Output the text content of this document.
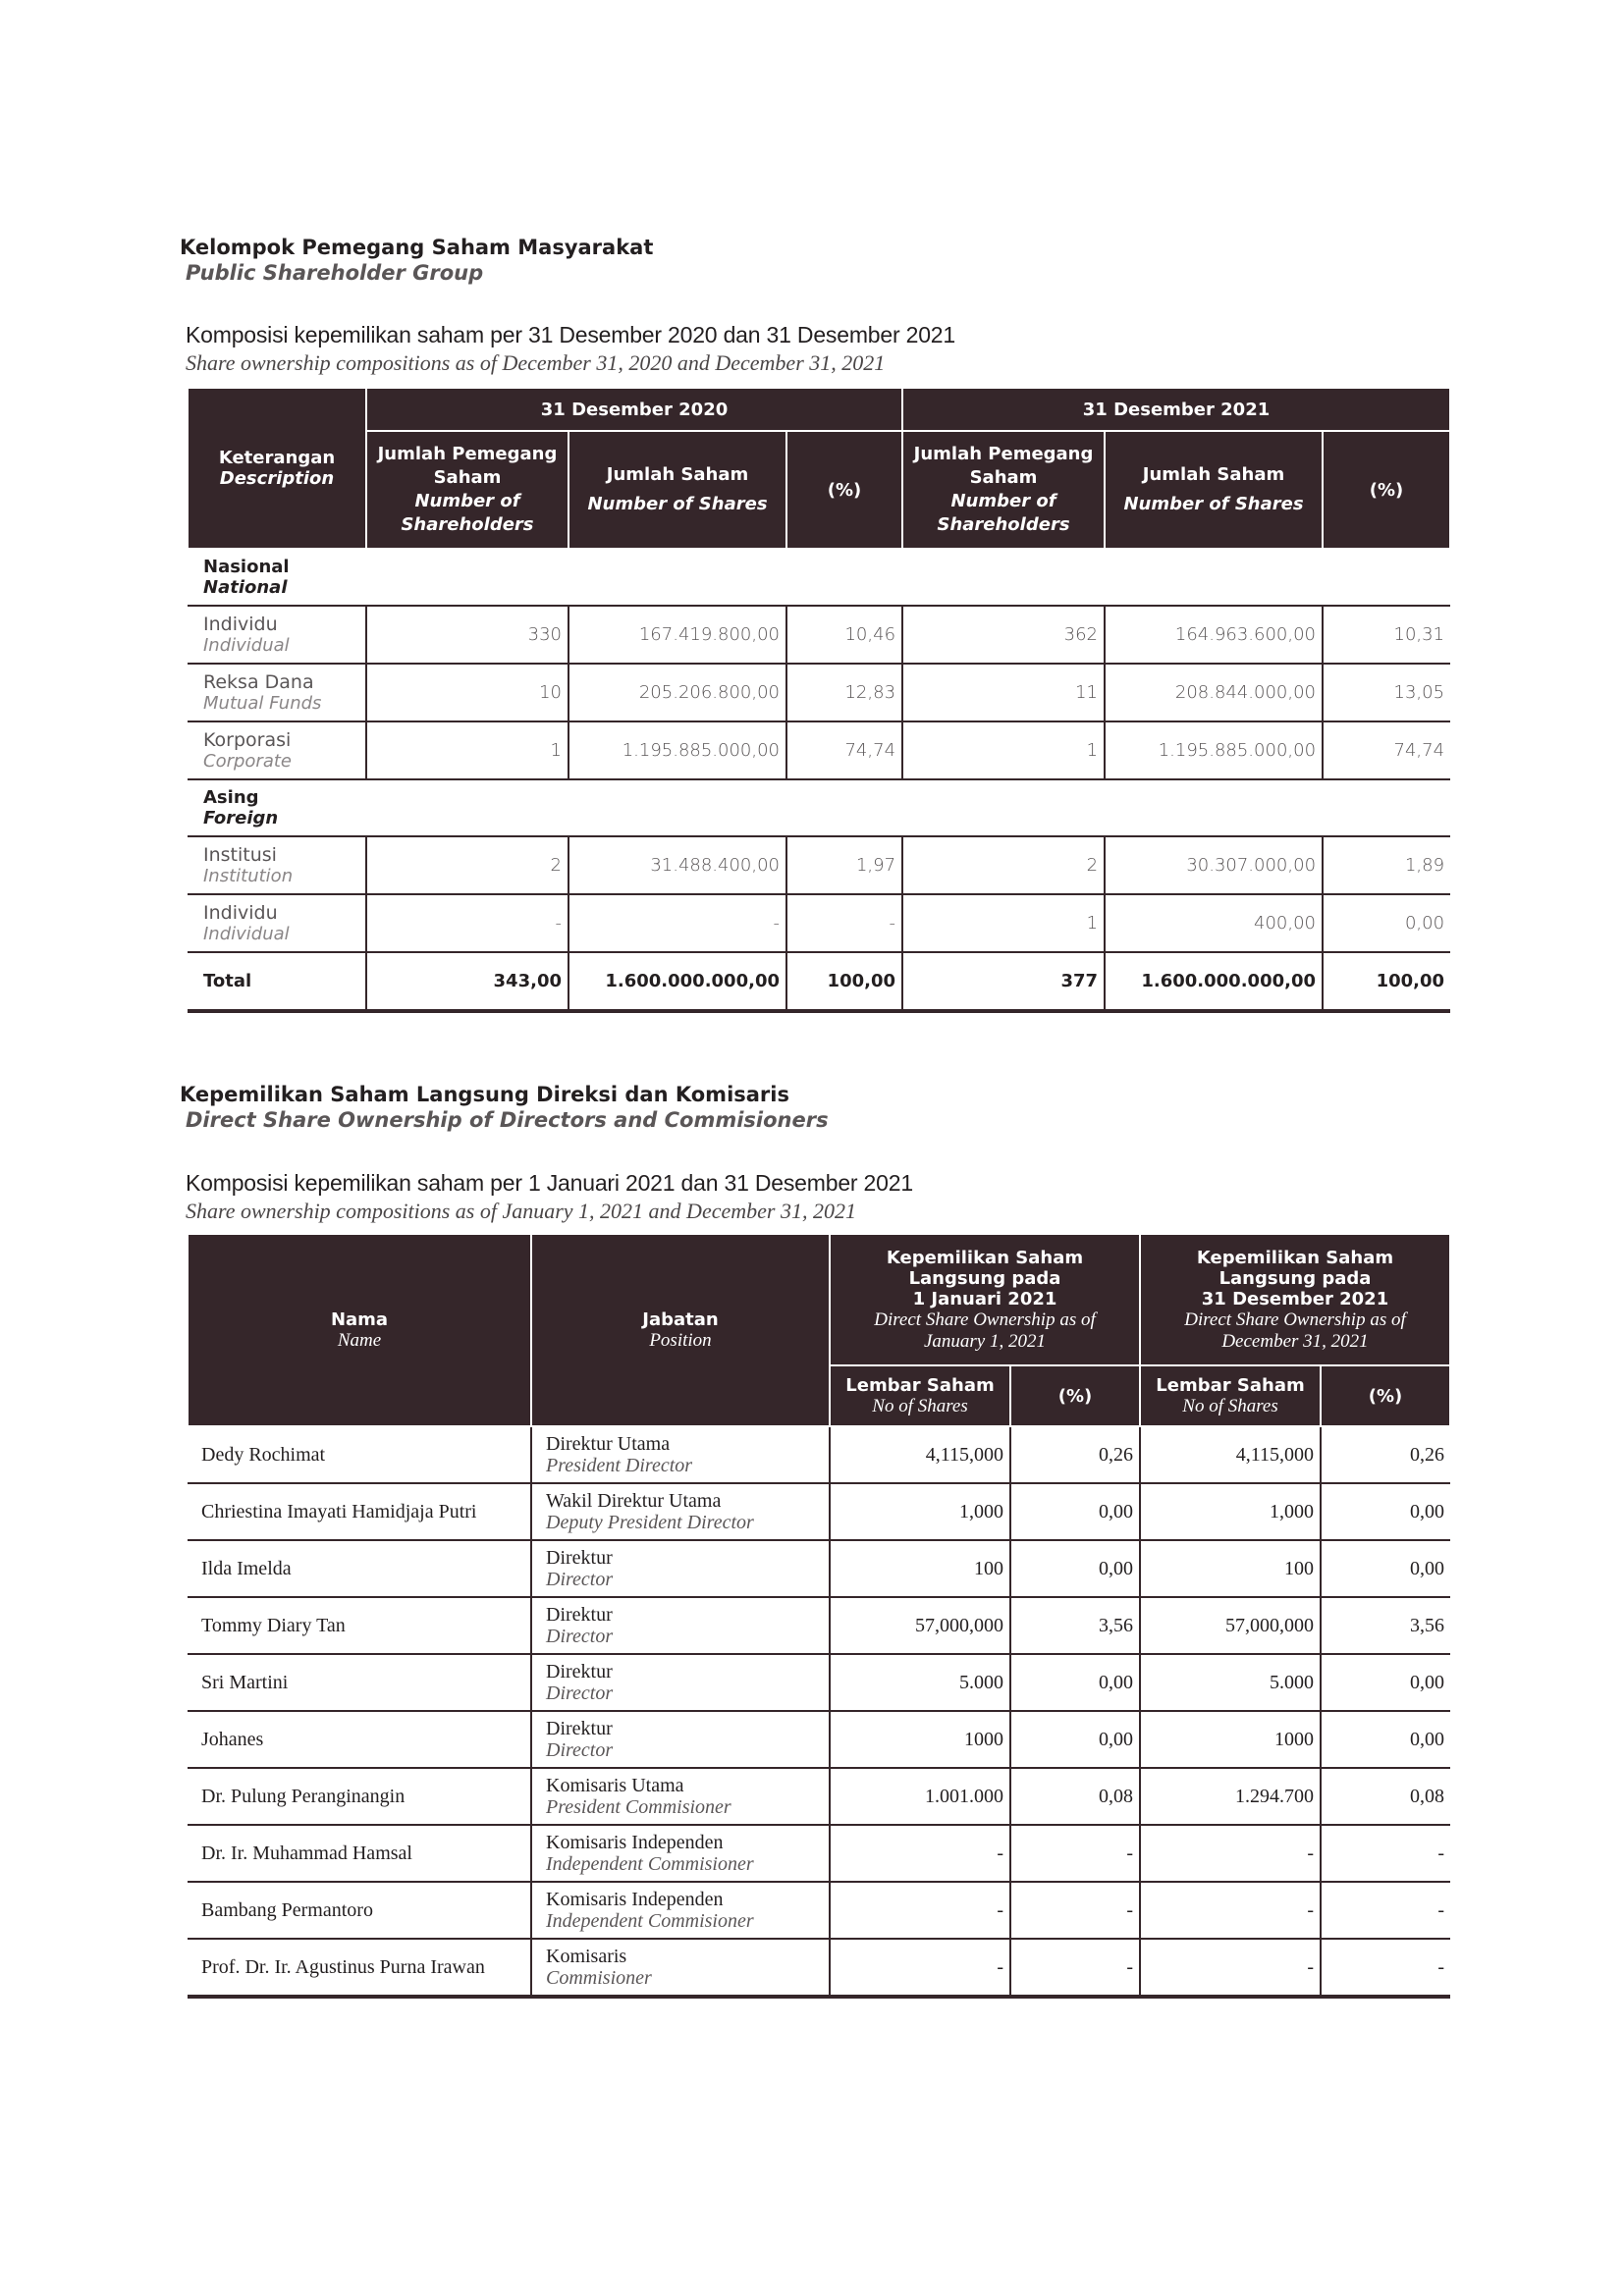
Kelompok Pemegang Saham Masyarakat

Public Shareholder Group

Komposisi kepemilikan saham per 31 Desember 2020 dan 31 Desember 2021

Share ownership compositions as of December 31, 2020 and December 31, 2021

Keterangan
Description	31 Desember 2020			31 Desember 2021		
	Jumlah Pemegang Saham
Number of Shareholders	Jumlah Saham
Number of Shares	(%)	Jumlah Pemegang Saham
Number of Shareholders	Jumlah Saham
Number of Shares	(%)
Nasional
National						

Individu
Individual	330	167.419.800,00	10,46	362	164.963.600,00	10,31

Reksa Dana
Mutual Funds	10	205.206.800,00	12,83	11	208.844.000,00	13,05

Korporasi
Corporate	1	1.195.885.000,00	74,74	1	1.195.885.000,00	74,74
Asing
Foreign						

Institusi
Institution	2	31.488.400,00	1,97	2	30.307.000,00	1,89

Individu
Individual	-	-	-	1	400,00	0,00
Total	343,00	1.600.000.000,00	100,00	377	1.600.000.000,00	100,00

Kepemilikan Saham Langsung Direksi dan Komisaris

Direct Share Ownership of Directors and Commisioners

Komposisi kepemilikan saham per 1 Januari 2021 dan 31 Desember 2021

Share ownership compositions as of January 1, 2021 and December 31, 2021

Nama
Name	Jabatan
Position	Kepemilikan Saham
Langsung pada
1 Januari 2021
Direct Share Ownership as of
January 1, 2021		Kepemilikan Saham
Langsung pada
31 Desember 2021
Direct Share Ownership as of
December 31, 2021	

		Lembar Saham
No of Shares	(%)	Lembar Saham
No of Shares	(%)
Dedy Rochimat	Direktur Utama
President Director	4,115,000	0,26	4,115,000	0,26
Chriestina Imayati Hamidjaja Putri	Wakil Direktur Utama
Deputy President Director	1,000	0,00	1,000	0,00
Ilda Imelda	Direktur
Director	100	0,00	100	0,00
Tommy Diary Tan	Direktur
Director	57,000,000	3,56	57,000,000	3,56
Sri Martini	Direktur
Director	5.000	0,00	5.000	0,00
Johanes	Direktur
Director	1000	0,00	1000	0,00
Dr. Pulung Peranginangin	Komisaris Utama
President Commisioner	1.001.000	0,08	1.294.700	0,08
Dr. Ir. Muhammad Hamsal	Komisaris Independen
Independent Commisioner	-	-	-	-
Bambang Permantoro	Komisaris Independen
Independent Commisioner	-	-	-	-
Prof. Dr. Ir. Agustinus Purna Irawan	Komisaris
Commisioner	-	-	-	-
